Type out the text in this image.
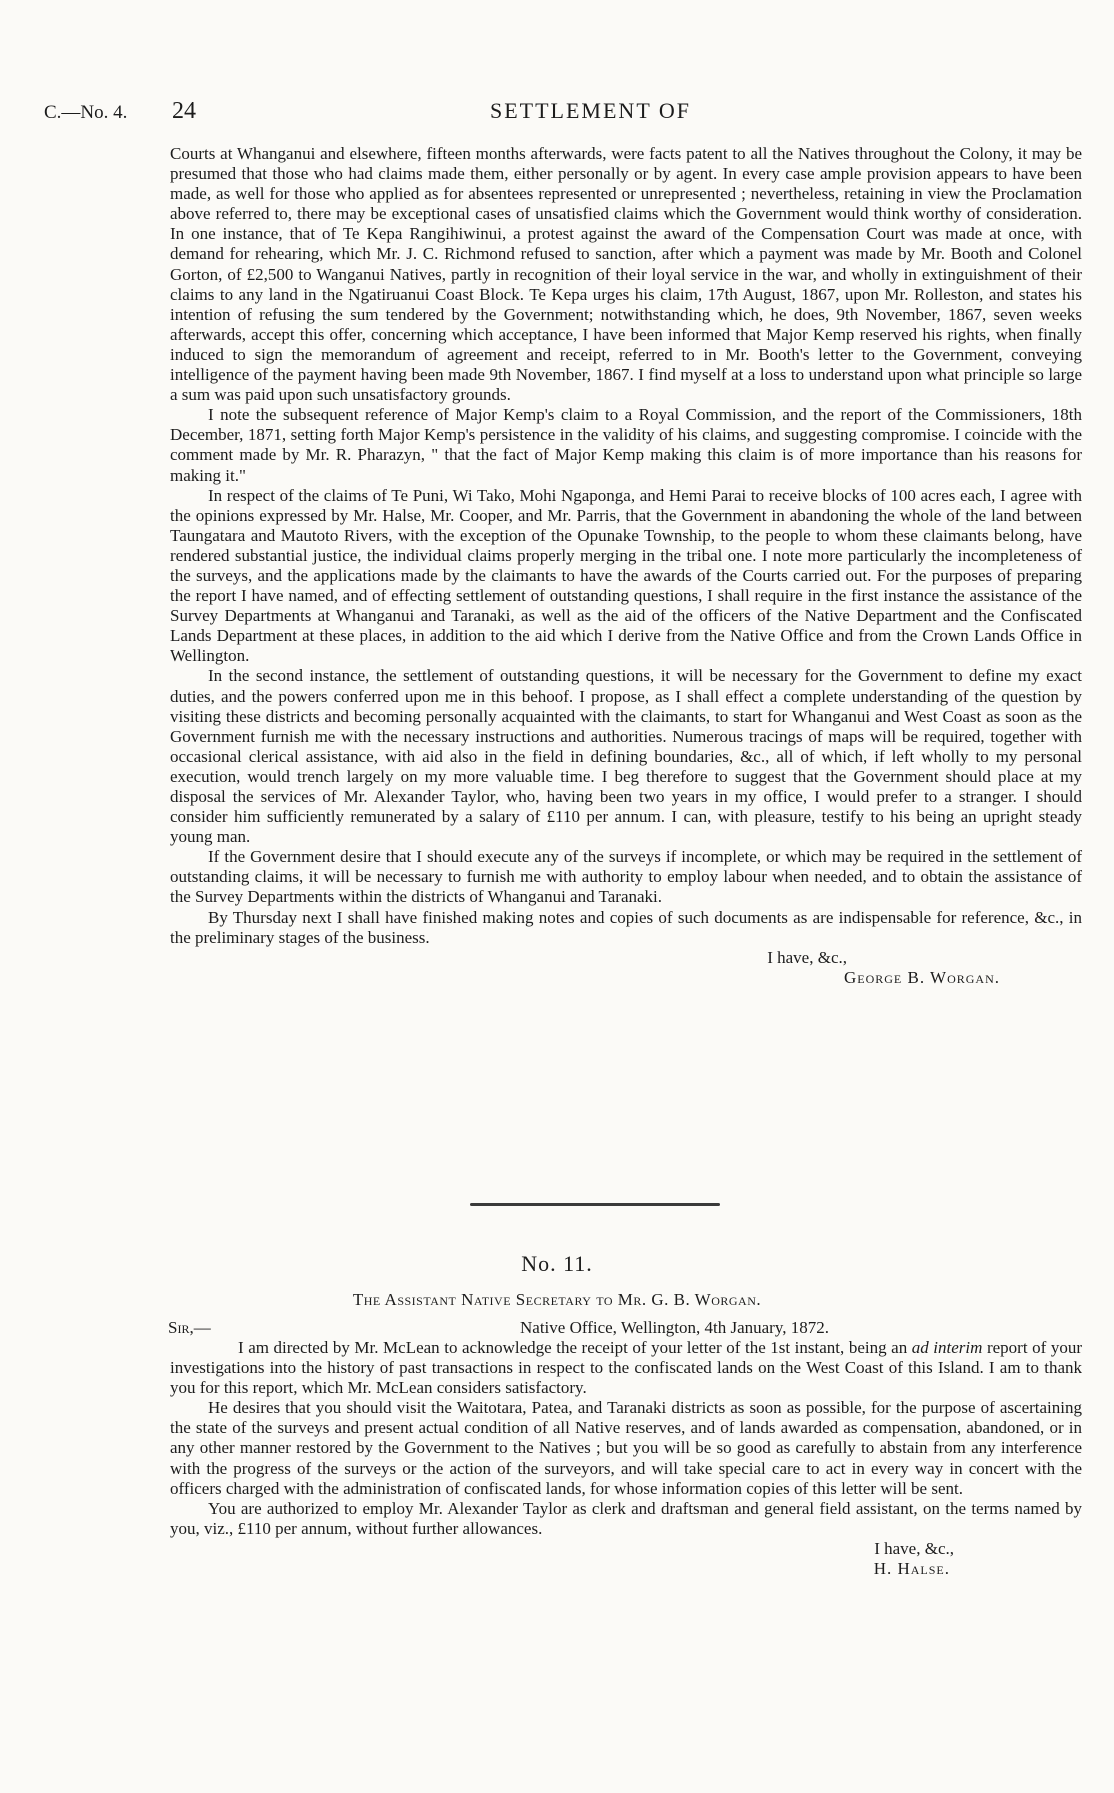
C.—No. 4. 24	SETTLEMENT OF

Courts at Whanganui and elsewhere, fifteen months afterwards, were facts patent to all the Natives throughout the Colony, it may be presumed that those who had claims made them, either personally or by agent. In every case ample provision appears to have been made, as well for those who applied as for absentees represented or unrepresented ; nevertheless, retaining in view the Proclamation above referred to, there may be exceptional cases of unsatisfied claims which the Government would think worthy of consideration. In one instance, that of Te Kepa Rangihiwinui, a protest against the award of the Compensation Court was made at once, with demand for rehearing, which Mr. J. C. Richmond refused to sanction, after which a payment was made by Mr. Booth and Colonel Gorton, of £2,500 to Wanganui Natives, partly in recognition of their loyal service in the war, and wholly in extinguishment of their claims to any land in the Ngatiruanui Coast Block. Te Kepa urges his claim, 17th August, 1867, upon Mr. Rolleston, and states his intention of refusing the sum tendered by the Government; notwithstanding which, he does, 9th November, 1867, seven weeks afterwards, accept this offer, concerning which acceptance, I have been informed that Major Kemp reserved his rights, when finally induced to sign the memorandum of agreement and receipt, referred to in Mr. Booth's letter to the Government, conveying intelligence of the payment having been made 9th November, 1867. I find myself at a loss to understand upon what principle so large a sum was paid upon such unsatisfactory grounds.

I note the subsequent reference of Major Kemp's claim to a Royal Commission, and the report of the Commissioners, 18th December, 1871, setting forth Major Kemp's persistence in the validity of his claims, and suggesting compromise. I coincide with the comment made by Mr. R. Pharazyn, " that the fact of Major Kemp making this claim is of more importance than his reasons for making it."

In respect of the claims of Te Puni, Wi Tako, Mohi Ngaponga, and Hemi Parai to receive blocks of 100 acres each, I agree with the opinions expressed by Mr. Halse, Mr. Cooper, and Mr. Parris, that the Government in abandoning the whole of the land between Taungatara and Mautoto Rivers, with the exception of the Opunake Township, to the people to whom these claimants belong, have rendered substantial justice, the individual claims properly merging in the tribal one. I note more particularly the incompleteness of the surveys, and the applications made by the claimants to have the awards of the Courts carried out. For the purposes of preparing the report I have named, and of effecting settlement of outstanding questions, I shall require in the first instance the assistance of the Survey Departments at Whanganui and Taranaki, as well as the aid of the officers of the Native Department and the Confiscated Lands Department at these places, in addition to the aid which I derive from the Native Office and from the Crown Lands Office in Wellington.

In the second instance, the settlement of outstanding questions, it will be necessary for the Government to define my exact duties, and the powers conferred upon me in this behoof. I propose, as I shall effect a complete understanding of the question by visiting these districts and becoming personally acquainted with the claimants, to start for Whanganui and West Coast as soon as the Government furnish me with the necessary instructions and authorities. Numerous tracings of maps will be required, together with occasional clerical assistance, with aid also in the field in defining boundaries, &c., all of which, if left wholly to my personal execution, would trench largely on my more valuable time. I beg therefore to suggest that the Government should place at my disposal the services of Mr. Alexander Taylor, who, having been two years in my office, I would prefer to a stranger. I should consider him sufficiently remunerated by a salary of £110 per annum. I can, with pleasure, testify to his being an upright steady young man.

If the Government desire that I should execute any of the surveys if incomplete, or which may be required in the settlement of outstanding claims, it will be necessary to furnish me with authority to employ labour when needed, and to obtain the assistance of the Survey Departments within the districts of Whanganui and Taranaki.

By Thursday next I shall have finished making notes and copies of such documents as are indispensable for reference, &c., in the preliminary stages of the business.

I have, &c.,
George B. Worgan.
No. 11.
The Assistant Native Secretary to Mr. G. B. Worgan.
Sir,—	Native Office, Wellington, 4th January, 1872.

I am directed by Mr. McLean to acknowledge the receipt of your letter of the 1st instant, being an ad interim report of your investigations into the history of past transactions in respect to the confiscated lands on the West Coast of this Island. I am to thank you for this report, which Mr. McLean considers satisfactory.

He desires that you should visit the Waitotara, Patea, and Taranaki districts as soon as possible, for the purpose of ascertaining the state of the surveys and present actual condition of all Native reserves, and of lands awarded as compensation, abandoned, or in any other manner restored by the Government to the Natives ; but you will be so good as carefully to abstain from any interference with the progress of the surveys or the action of the surveyors, and will take special care to act in every way in concert with the officers charged with the administration of confiscated lands, for whose information copies of this letter will be sent.

You are authorized to employ Mr. Alexander Taylor as clerk and draftsman and general field assistant, on the terms named by you, viz., £110 per annum, without further allowances.

I have, &c.,
H. Halse.
